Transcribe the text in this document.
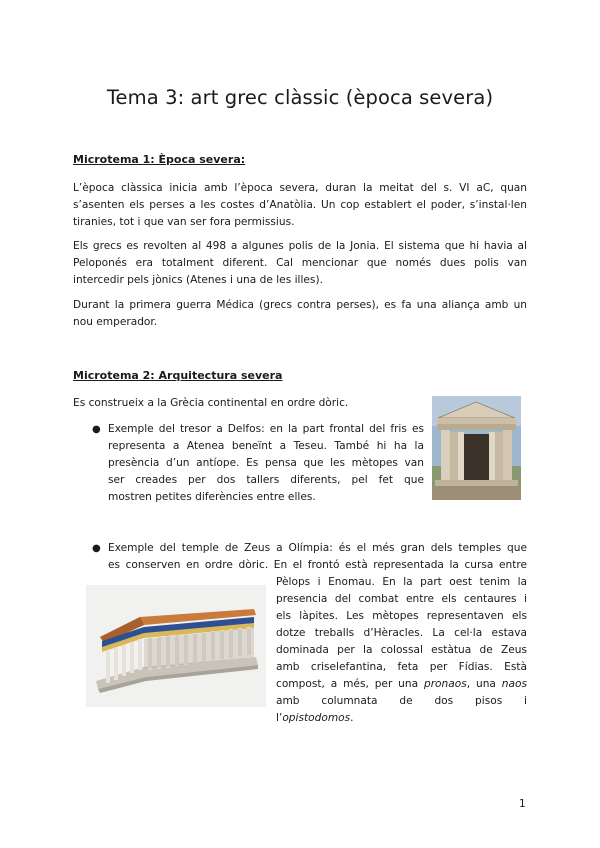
Tema 3: art grec clàssic (època severa)
Microtema 1: Època severa:

L’època clàssica inicia amb l’època severa, duran la meitat del s. VI aC, quan
s’asenten els perses a les costes d’Anatòlia. Un cop establert el poder, s’instal·len
tiranies, tot i que van ser fora permissius.

Els grecs es revolten al 498 a algunes polis de la Jonia. El sistema que hi havia al
Peloponés era totalment diferent. Cal mencionar que només dues polis van
intercedir pels jònics (Atenes i una de les illes).

Durant la primera guerra Médica (grecs contra perses), es fa una aliança amb un
nou emperador.

Microtema 2: Arquitectura severa

Es construeix a la Grècia continental en ordre dòric.

● Exemple del tresor a Delfos: en la part frontal del fris es
representa a Atenea beneïnt a Teseu. També hi ha la
presència d’un antíope. Es pensa que les mètopes van
ser creades per dos tallers diferents, pel fet que
mostren petites diferències entre elles.

● Exemple del temple de Zeus a Olímpia: és el més gran dels temples que
es conserven en ordre dòric. En el frontó està representada la cursa entre

Pèlops i Enomau. En la part oest tenim la
presencia del combat entre els centaures i
els làpites. Les mètopes representaven els
dotze treballs d’Hèracles. La cel·la estava
dominada per la colossal estàtua de Zeus
amb criselefantina, feta per Fídias. Està
compost, a més, per una pronaos, una naos
amb columnata de dos pisos i
l’opistodomos.

1
